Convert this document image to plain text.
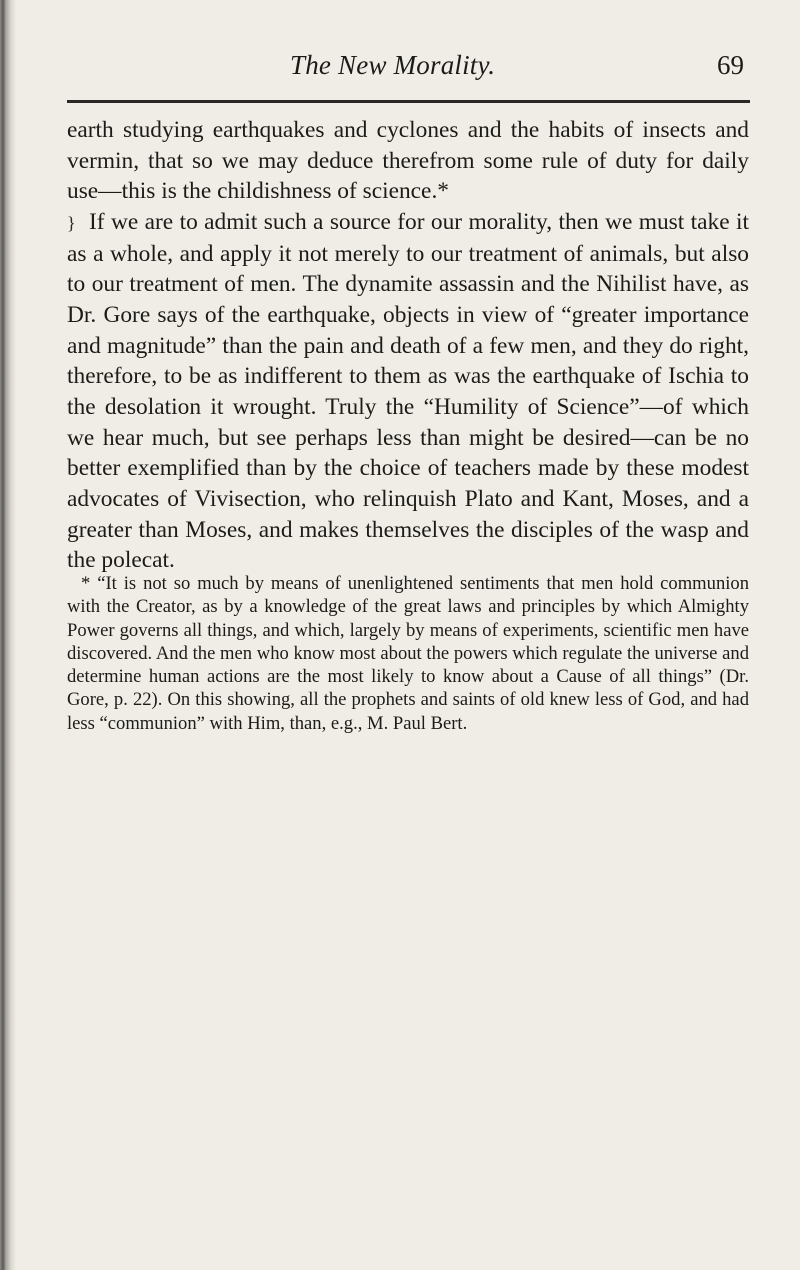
The New Morality.	69

earth studying earthquakes and cyclones and the habits of insects and vermin, that so we may deduce therefrom some rule of duty for daily use—this is the childishness of science.*

} If we are to admit such a source for our morality, then we must take it as a whole, and apply it not merely to our treatment of animals, but also to our treatment of men. The dynamite assassin and the Nihilist have, as Dr. Gore says of the earthquake, objects in view of “greater importance and magnitude” than the pain and death of a few men, and they do right, therefore, to be as indifferent to them as was the earthquake of Ischia to the desolation it wrought. Truly the “Humility of Science”—of which we hear much, but see perhaps less than might be desired—can be no better exemplified than by the choice of teachers made by these modest advocates of Vivisection, who relinquish Plato and Kant, Moses, and a greater than Moses, and makes themselves the disciples of the wasp and the polecat.

* “It is not so much by means of unenlightened sentiments that men hold communion with the Creator, as by a knowledge of the great laws and principles by which Almighty Power governs all things, and which, largely by means of experiments, scientific men have discovered. And the men who know most about the powers which regulate the universe and determine human actions are the most likely to know about a Cause of all things” (Dr. Gore, p. 22). On this showing, all the prophets and saints of old knew less of God, and had less “communion” with Him, than, e.g., M. Paul Bert.
